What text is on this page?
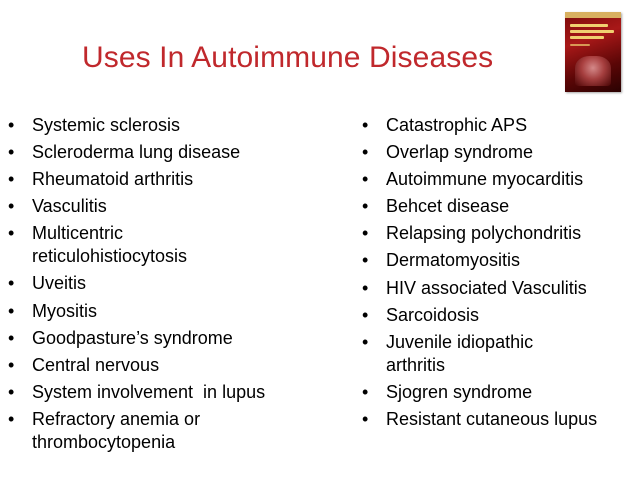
Uses In Autoimmune Diseases
• Systemic sclerosis
• Scleroderma lung disease
• Rheumatoid arthritis
• Vasculitis
• Multicentric reticulohistiocytosis
• Uveitis
• Myositis
• Goodpasture’s syndrome
• Central nervous
• System involvement  in lupus
• Refractory anemia or thrombocytopenia
• Catastrophic APS
• Overlap syndrome
• Autoimmune myocarditis
• Behcet disease
• Relapsing polychondritis
• Dermatomyositis
• HIV associated Vasculitis
• Sarcoidosis
• Juvenile idiopathic arthritis
• Sjogren syndrome
• Resistant cutaneous lupus
